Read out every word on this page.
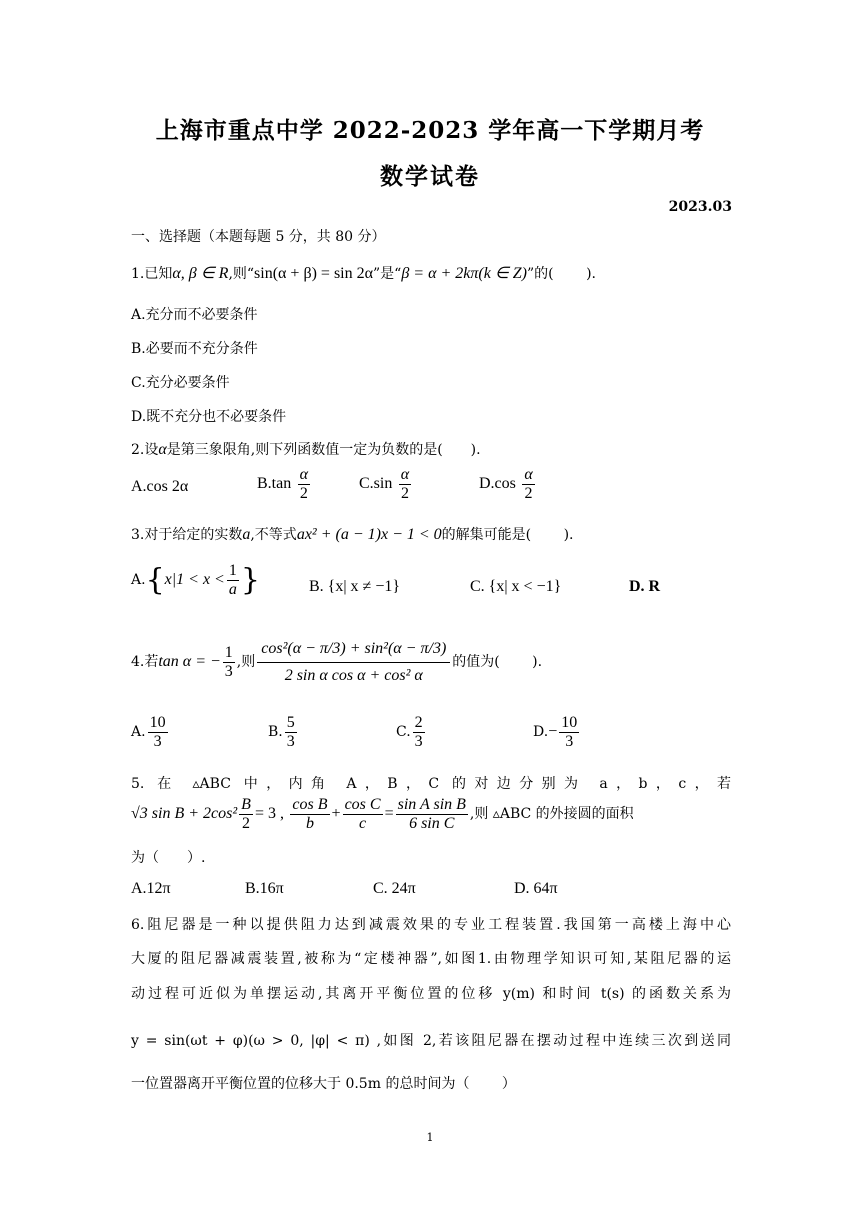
上海市重点中学 2022-2023 学年高一下学期月考
数学试卷
2023.03
一、选择题（本题每题 5 分，共 80 分）
1.已知α, β ∈ R,则“sin(α + β) = sin 2α”是“β = α + 2kπ(k ∈ Z)”的(　　 ).
A.充分而不必要条件
B.必要而不充分条件
C.充分必要条件
D.既不充分也不必要条件
2.设α是第三象限角,则下列函数值一定为负数的是(　　).
A.cos 2α	$B.\tan \frac{\alpha}{2}$	$C.\sin \frac{\alpha}{2}$	$D.\cos \frac{\alpha}{2}$
3.对于给定的实数a,不等式ax² + (a − 1)x − 1 < 0的解集可能是(　　 ).
$A.\{x|1 < x < \frac{1}{a}$ }	B. {x| x ≠ −1}	C. {x| x < −1}	D. R
4.若tan α = − $\frac{1}{3}$ ,则 $\frac{\text{cos²(α − π/3) + sin²(α − π/3)}}{\text{2 sin α cos α + cos² α}}$ 的值为(　　 ).
A. $\frac{10}{3}$	B. $\frac{5}{3}$	C. $\frac{2}{3}$	$D.- \frac{10}{3}$
5. 在 ▵ABC 中，内角 A，B，C 的对边分别为 a，b，c，若
√3 $\sin B + 2\cos^2 \frac{B}{2} = 3$ , $\frac{\text{cos B}}{b} + \frac{\text{cos C}}{c} = \frac{\text{sin A sin B}}{\text{6 sin C}}$ ,则 ▵ABC 的外接圆的面积
为（　　）.
A.12π	B.16π	C. 24π	D. 64π
6.阻尼器是一种以提供阻力达到减震效果的专业工程装置.我国第一高楼上海中心
大厦的阻尼器减震装置,被称为“定楼神器”,如图1.由物理学知识可知,某阻尼器的运
动过程可近似为单摆运动,其离开平衡位置的位移 y(m) 和时间 t(s) 的函数关系为
y = sin(ωt + φ)(ω > 0, |φ| < π) ,如图 2,若该阻尼器在摆动过程中连续三次到送同
一位置器离开平衡位置的位移大于 0.5m 的总时间为（　　 ）
1
